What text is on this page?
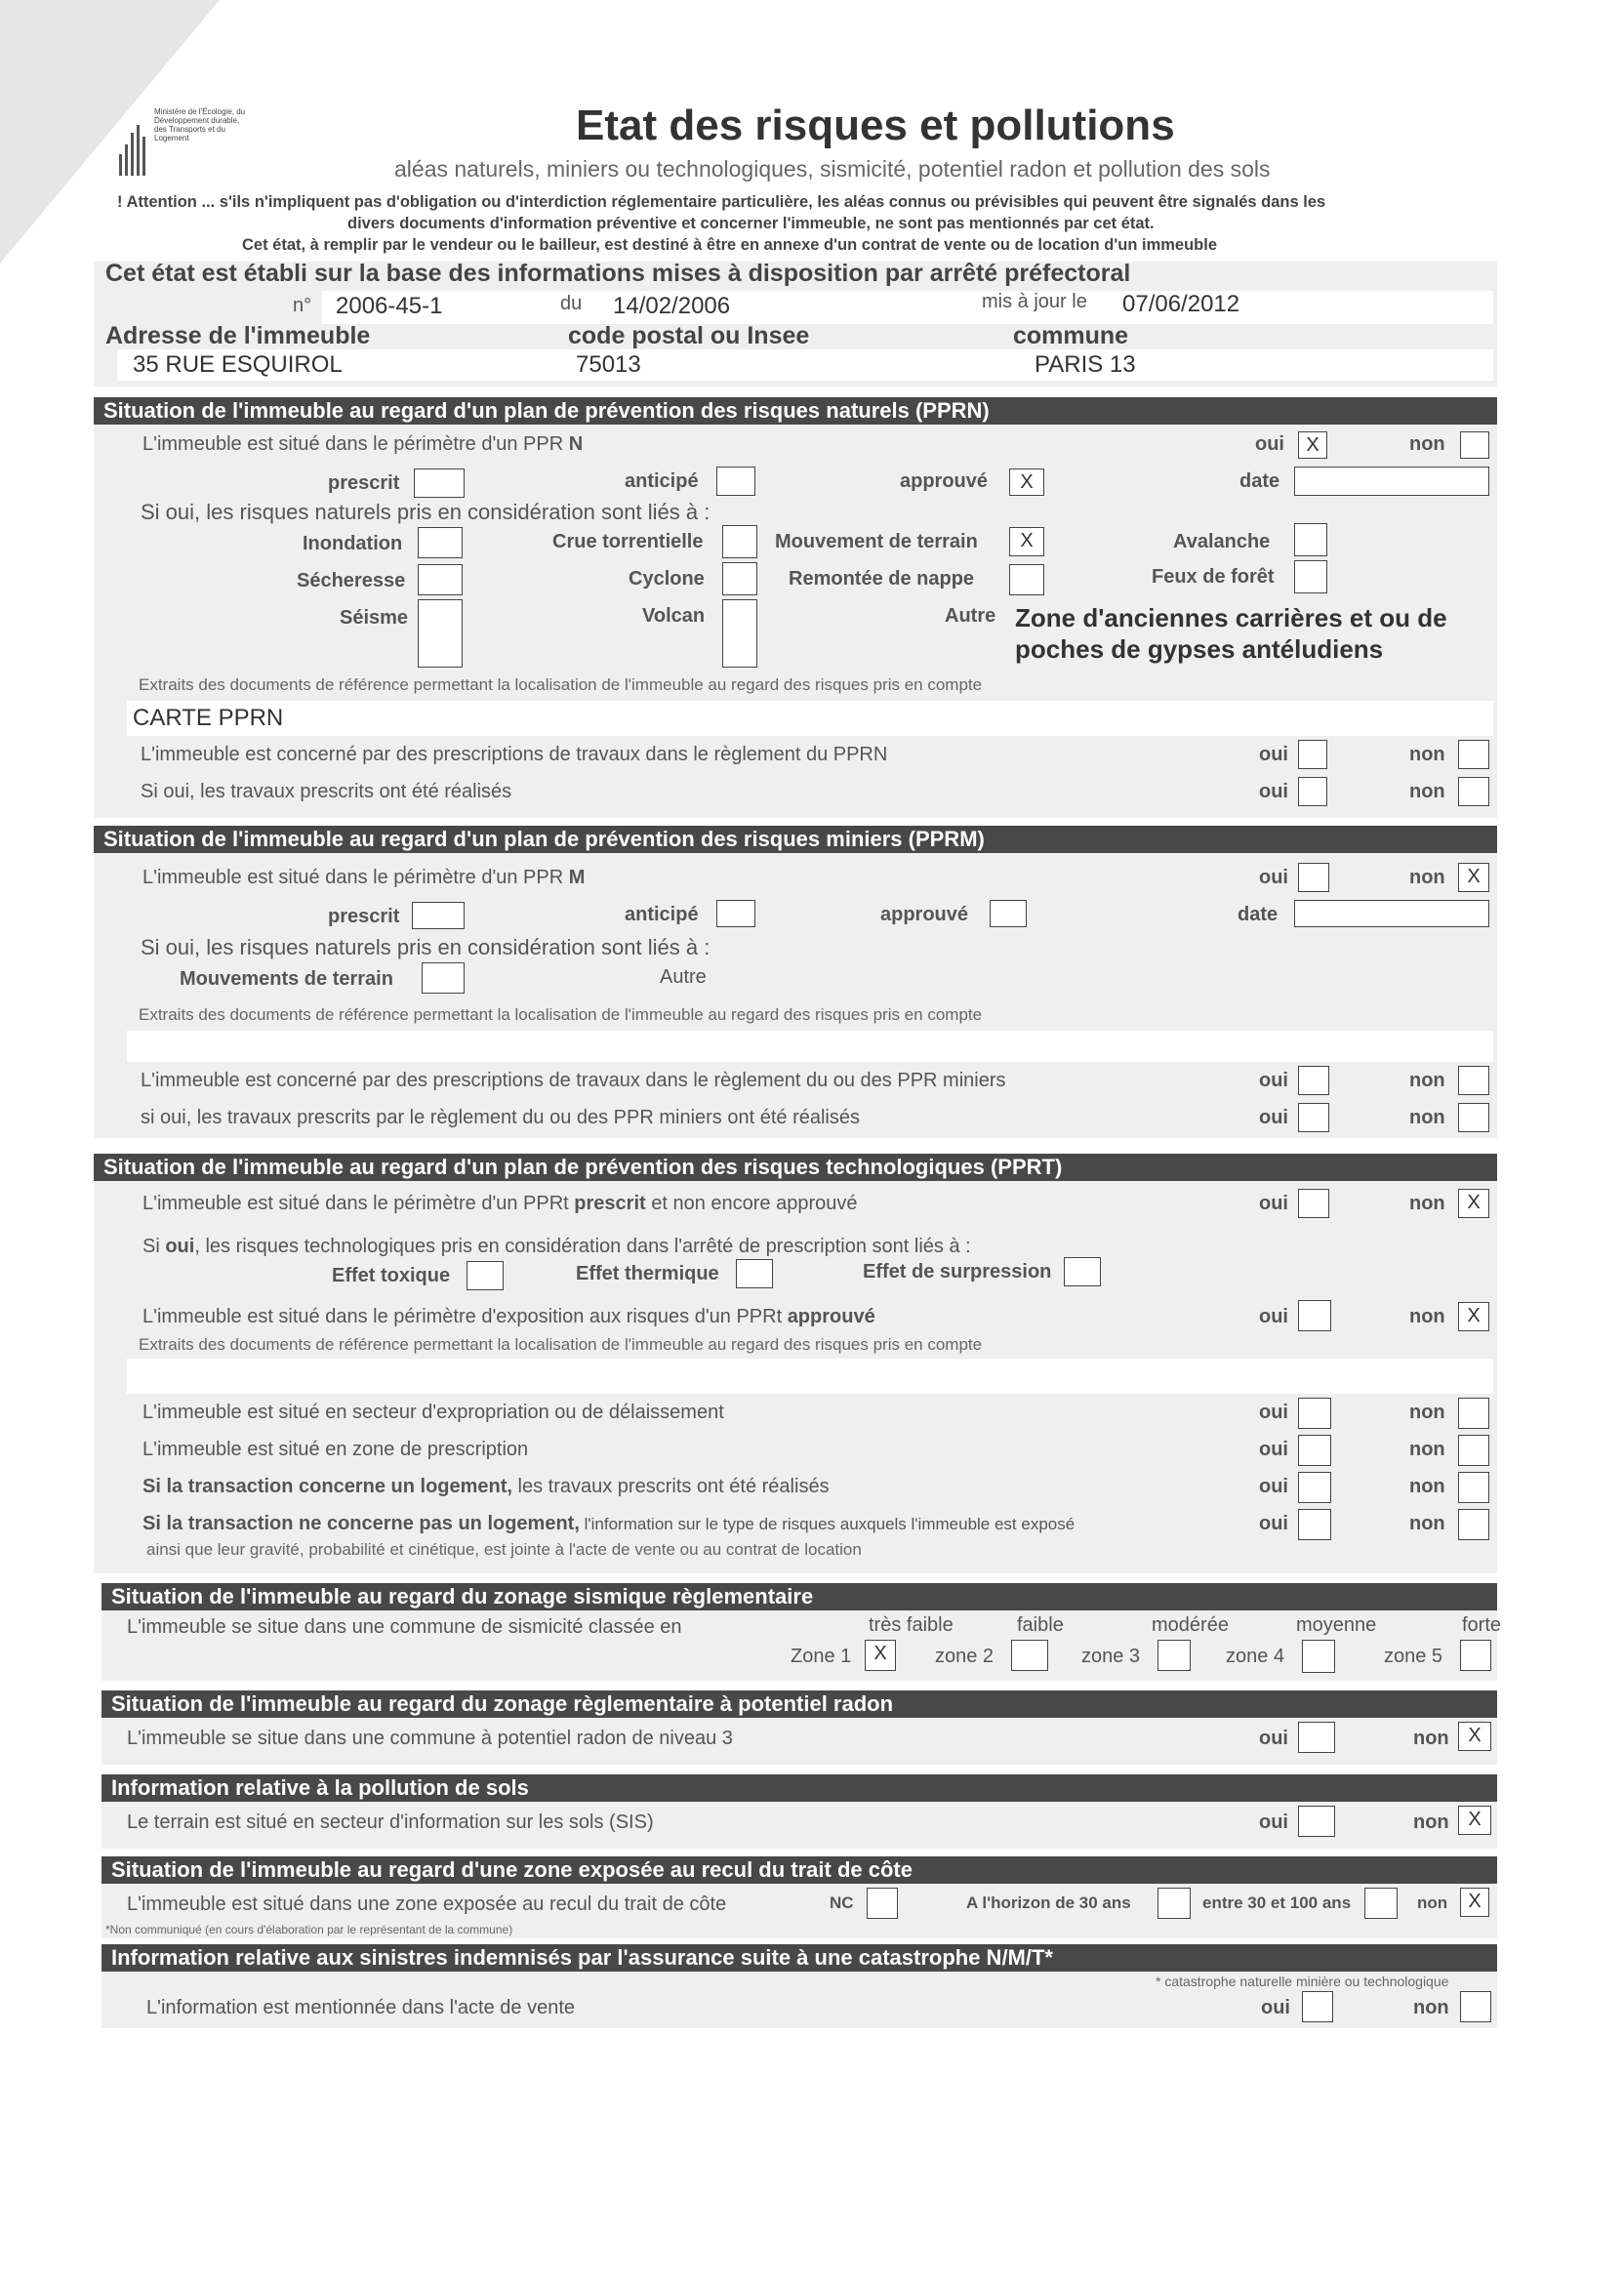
Ministère de l'Écologie, du Développement durable, des Transports et du Logement	Etat des risques et pollutions
aléas naturels, miniers ou technologiques, sismicité, potentiel radon et pollution des sols
! Attention ... s'ils n'impliquent pas d'obligation ou d'interdiction réglementaire particulière, les aléas connus ou prévisibles qui peuvent être signalés dans les
divers documents d'information préventive et concerner l'immeuble, ne sont pas mentionnés par cet état.
Cet état, à remplir par le vendeur ou le bailleur, est destiné à être en annexe d'un contrat de vente ou de location d'un immeuble
Cet état est établi sur la base des informations mises à disposition par arrêté préfectoral
n° 2006-45-1	du 14/02/2006	mis à jour le 07/06/2012
Adresse de l'immeuble	code postal ou Insee	commune
35 RUE ESQUIROL	75013	PARIS 13
Situation de l'immeuble au regard d'un plan de prévention des risques naturels (PPRN)
L'immeuble est situé dans le périmètre d'un PPR N	oui	X	non
prescrit	anticipé	approuvé	X	date
Si oui, les risques naturels pris en considération sont liés à :
Inondation	Crue torrentielle	Mouvement de terrain	X	Avalanche
Sécheresse	Cyclone	Remontée de nappe	Feux de forêt
Séisme	Volcan	Autre Zone d'anciennes carrières et ou de
poches de gypses antéludiens
Extraits des documents de référence permettant la localisation de l'immeuble au regard des risques pris en compte
CARTE PPRN
L'immeuble est concerné par des prescriptions de travaux dans le règlement du PPRN	oui	non
Si oui, les travaux prescrits ont été réalisés	oui	non
Situation de l'immeuble au regard d'un plan de prévention des risques miniers (PPRM)
L'immeuble est situé dans le périmètre d'un PPR M	oui	non	X
prescrit	anticipé	approuvé	date
Si oui, les risques naturels pris en considération sont liés à :
Mouvements de terrain	Autre
Extraits des documents de référence permettant la localisation de l'immeuble au regard des risques pris en compte
L'immeuble est concerné par des prescriptions de travaux dans le règlement du ou des PPR miniers	oui	non
si oui, les travaux prescrits par le règlement du ou des PPR miniers ont été réalisés	oui	non
Situation de l'immeuble au regard d'un plan de prévention des risques technologiques (PPRT)
L'immeuble est situé dans le périmètre d'un PPRt prescrit et non encore approuvé	oui	non	X
Si oui, les risques technologiques pris en considération dans l'arrêté de prescription sont liés à :
Effet toxique	Effet thermique	Effet de surpression
L'immeuble est situé dans le périmètre d'exposition aux risques d'un PPRt approuvé	oui	non	X
Extraits des documents de référence permettant la localisation de l'immeuble au regard des risques pris en compte
L'immeuble est situé en secteur d'expropriation ou de délaissement	oui	non
L'immeuble est situé en zone de prescription	oui	non
Si la transaction concerne un logement, les travaux prescrits ont été réalisés	oui	non
Si la transaction ne concerne pas un logement, l'information sur le type de risques auxquels l'immeuble est exposé
ainsi que leur gravité, probabilité et cinétique, est jointe à l'acte de vente ou au contrat de location
oui	non
Situation de l'immeuble au regard du zonage sismique règlementaire
L'immeuble se situe dans une commune de sismicité classée en	très faible	faible	modérée	moyenne	forte
Zone 1	X	zone 2	zone 3	zone 4	zone 5
Situation de l'immeuble au regard du zonage règlementaire à potentiel radon
L'immeuble se situe dans une commune à potentiel radon de niveau 3	oui	non X
Information relative à la pollution de sols
Le terrain est situé en secteur d'information sur les sols (SIS)	oui	non X
Situation de l'immeuble au regard d'une zone exposée au recul du trait de côte
L'immeuble est situé dans une zone exposée au recul du trait de côte	NC	A l'horizon de 30 ans	entre 30 et 100 ans	non	X
*Non communiqué (en cours d'élaboration par le représentant de la commune)
Information relative aux sinistres indemnisés par l'assurance suite à une catastrophe N/M/T*
* catastrophe naturelle minière ou technologique
L'information est mentionnée dans l'acte de vente	oui	non
